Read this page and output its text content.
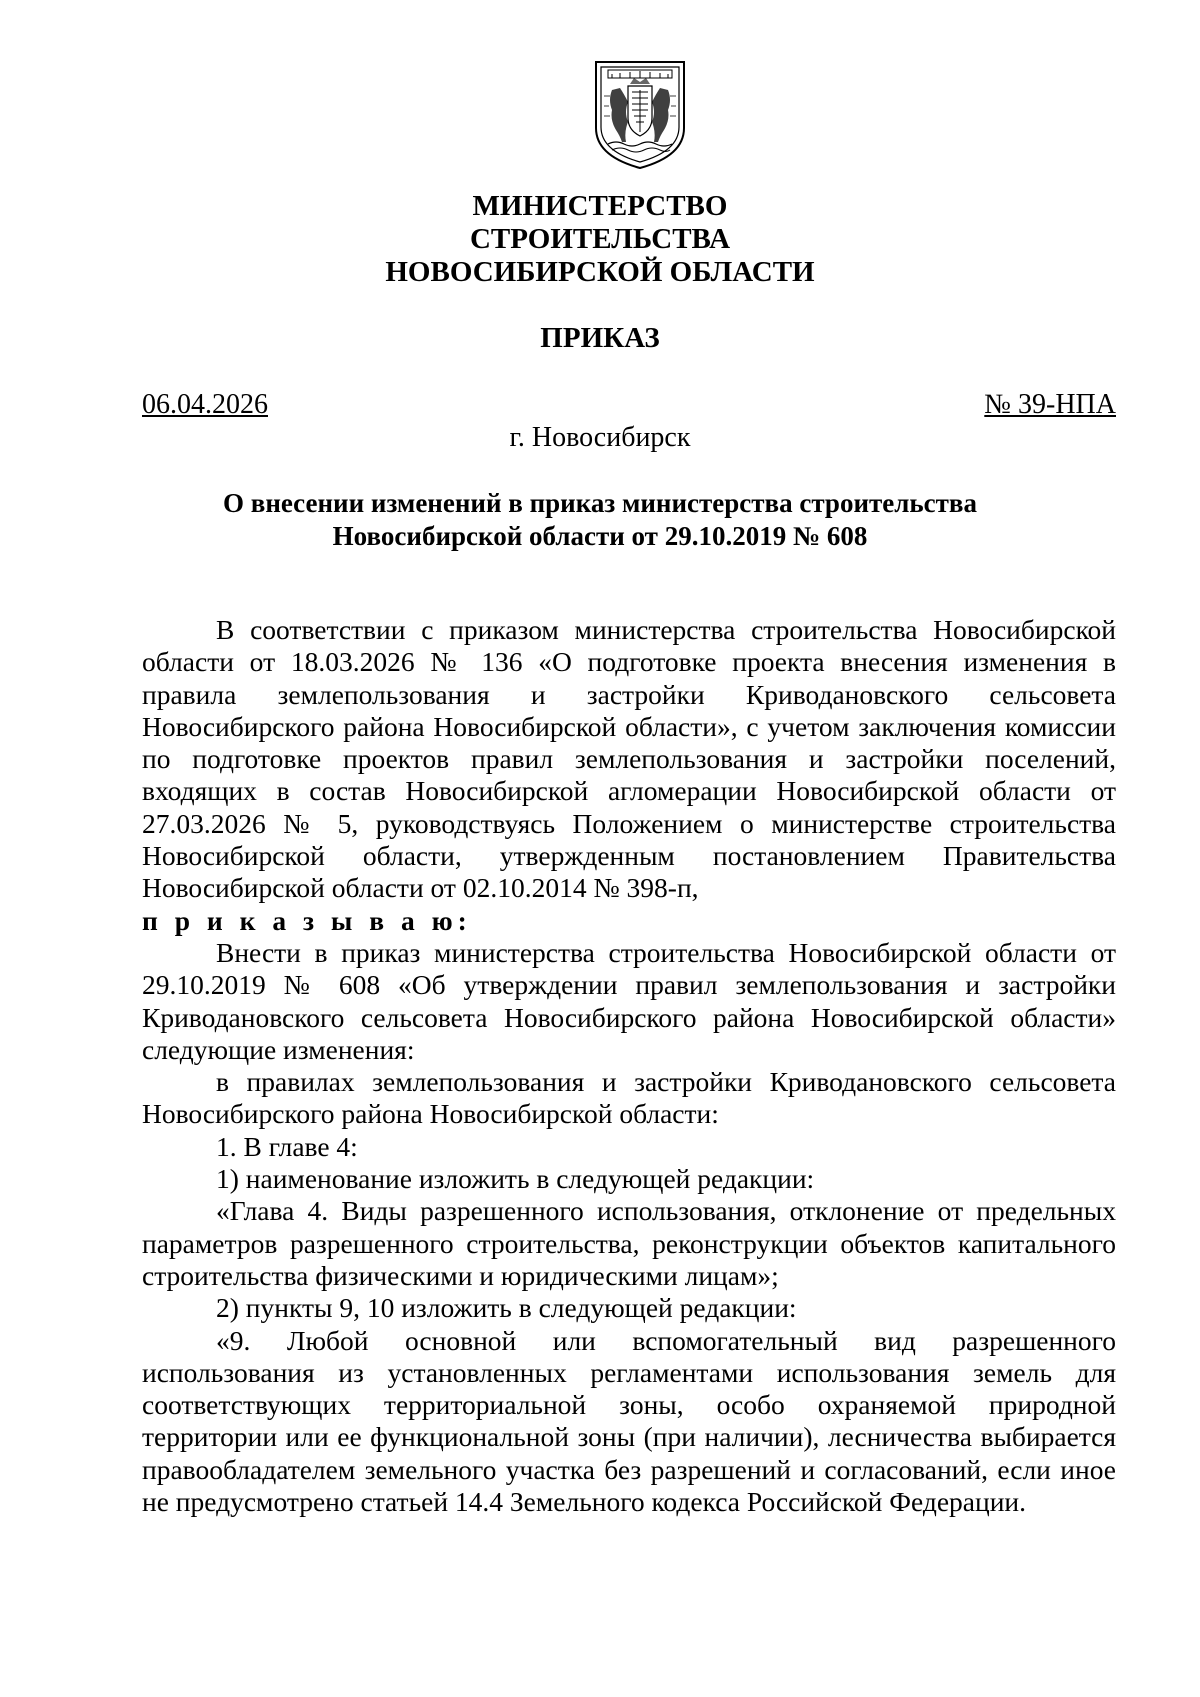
МИНИСТЕРСТВО
СТРОИТЕЛЬСТВА
НОВОСИБИРСКОЙ ОБЛАСТИ
ПРИКАЗ
06.04.2026	№ 39-НПА
г. Новосибирск
О внесении изменений в приказ министерства строительства
Новосибирской области от 29.10.2019 № 608

В соответствии с приказом министерства строительства Новосибирской области от 18.03.2026 № 136 «О подготовке проекта внесения изменения в правила землепользования и застройки Криводановского сельсовета Новосибирского района Новосибирской области», с учетом заключения комиссии по подготовке проектов правил землепользования и застройки поселений, входящих в состав Новосибирской агломерации Новосибирской области от 27.03.2026 № 5, руководствуясь Положением о министерстве строительства Новосибирской области, утвержденным постановлением Правительства Новосибирской области от 02.10.2014 № 398-п,

п р и к а з ы в а ю:

Внести в приказ министерства строительства Новосибирской области от 29.10.2019 № 608 «Об утверждении правил землепользования и застройки Криводановского сельсовета Новосибирского района Новосибирской области» следующие изменения:

в правилах землепользования и застройки Криводановского сельсовета Новосибирского района Новосибирской области:

1. В главе 4:

1) наименование изложить в следующей редакции:

«Глава 4. Виды разрешенного использования, отклонение от предельных параметров разрешенного строительства, реконструкции объектов капитального строительства физическими и юридическими лицам»;

2) пункты 9, 10 изложить в следующей редакции:

«9. Любой основной или вспомогательный вид разрешенного использования из установленных регламентами использования земель для соответствующих территориальной зоны, особо охраняемой природной территории или ее функциональной зоны (при наличии), лесничества выбирается правообладателем земельного участка без разрешений и согласований, если иное не предусмотрено статьей 14.4 Земельного кодекса Российской Федерации.
